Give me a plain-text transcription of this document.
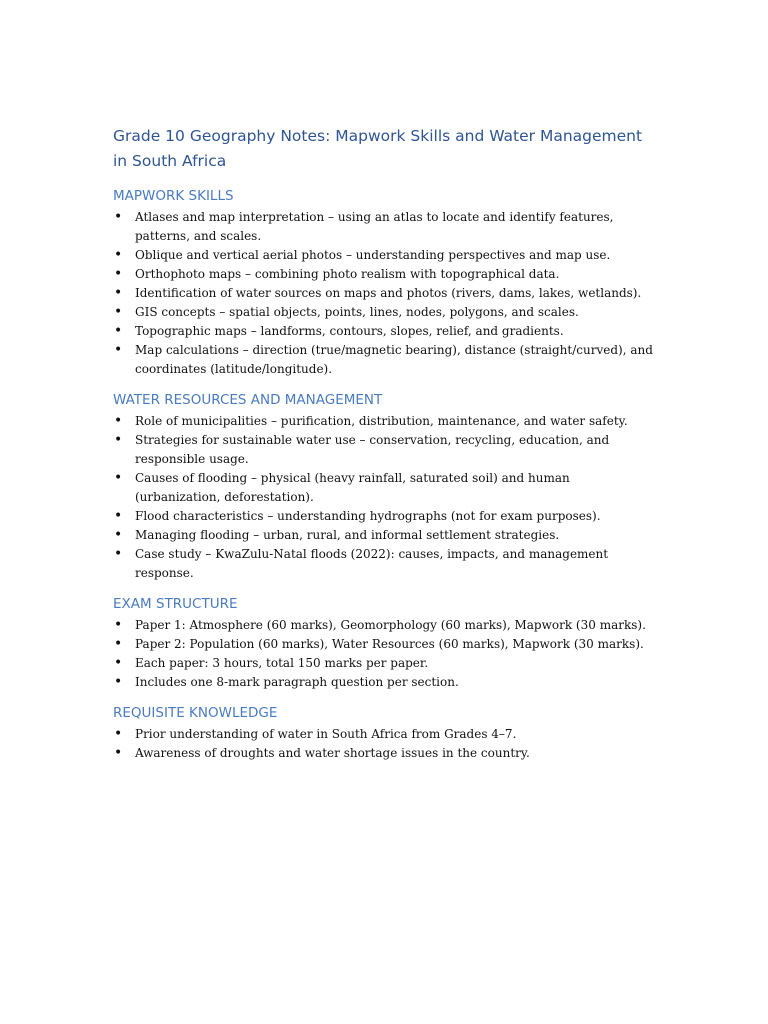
Grade 10 Geography Notes: Mapwork Skills and Water Management in South Africa
MAPWORK SKILLS
• Atlases and map interpretation – using an atlas to locate and identify features, patterns, and scales.
• Oblique and vertical aerial photos – understanding perspectives and map use.
• Orthophoto maps – combining photo realism with topographical data.
• Identification of water sources on maps and photos (rivers, dams, lakes, wetlands).
• GIS concepts – spatial objects, points, lines, nodes, polygons, and scales.
• Topographic maps – landforms, contours, slopes, relief, and gradients.
• Map calculations – direction (true/magnetic bearing), distance (straight/curved), and coordinates (latitude/longitude).
WATER RESOURCES AND MANAGEMENT
• Role of municipalities – purification, distribution, maintenance, and water safety.
• Strategies for sustainable water use – conservation, recycling, education, and responsible usage.
• Causes of flooding – physical (heavy rainfall, saturated soil) and human (urbanization, deforestation).
• Flood characteristics – understanding hydrographs (not for exam purposes).
• Managing flooding – urban, rural, and informal settlement strategies.
• Case study – KwaZulu-Natal floods (2022): causes, impacts, and management response.
EXAM STRUCTURE
• Paper 1: Atmosphere (60 marks), Geomorphology (60 marks), Mapwork (30 marks).
• Paper 2: Population (60 marks), Water Resources (60 marks), Mapwork (30 marks).
• Each paper: 3 hours, total 150 marks per paper.
• Includes one 8-mark paragraph question per section.
REQUISITE KNOWLEDGE
• Prior understanding of water in South Africa from Grades 4–7.
• Awareness of droughts and water shortage issues in the country.
